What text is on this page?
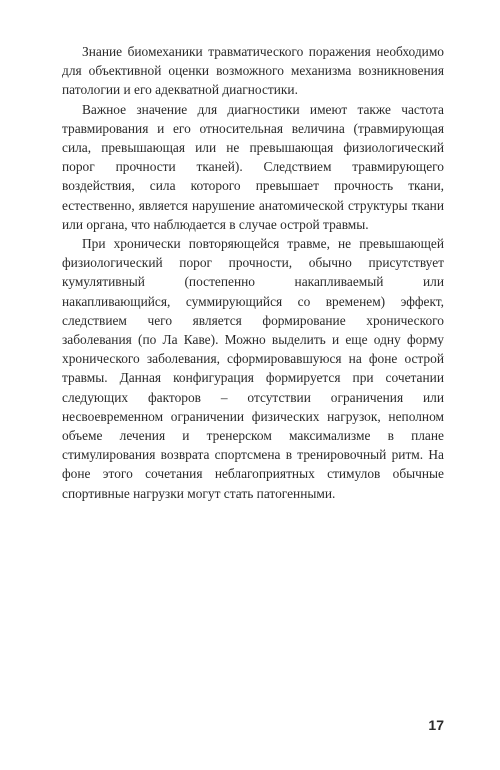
Знание биомеханики травматического поражения необходимо для объективной оценки возможного механизма возникновения патологии и его адекватной диагностики.

Важное значение для диагностики имеют также частота травмирования и его относительная величина (травмирующая сила, превышающая или не превышающая физиологический порог прочности тканей). Следствием травмирующего воздействия, сила которого превышает прочность ткани, естественно, является нарушение анатомической структуры ткани или органа, что наблюдается в случае острой травмы.

При хронически повторяющейся травме, не превышающей физиологический порог прочности, обычно присутствует кумулятивный (постепенно накапливаемый или накапливающийся, суммирующийся со временем) эффект, следствием чего является формирование хронического заболевания (по Ла Каве). Можно выделить и еще одну форму хронического заболевания, сформировавшуюся на фоне острой травмы. Данная конфигурация формируется при сочетании следующих факторов – отсутствии ограничения или несвоевременном ограничении физических нагрузок, неполном объеме лечения и тренерском максимализме в плане стимулирования возврата спортсмена в тренировочный ритм. На фоне этого сочетания неблагоприятных стимулов обычные спортивные нагрузки могут стать патогенными.

17
